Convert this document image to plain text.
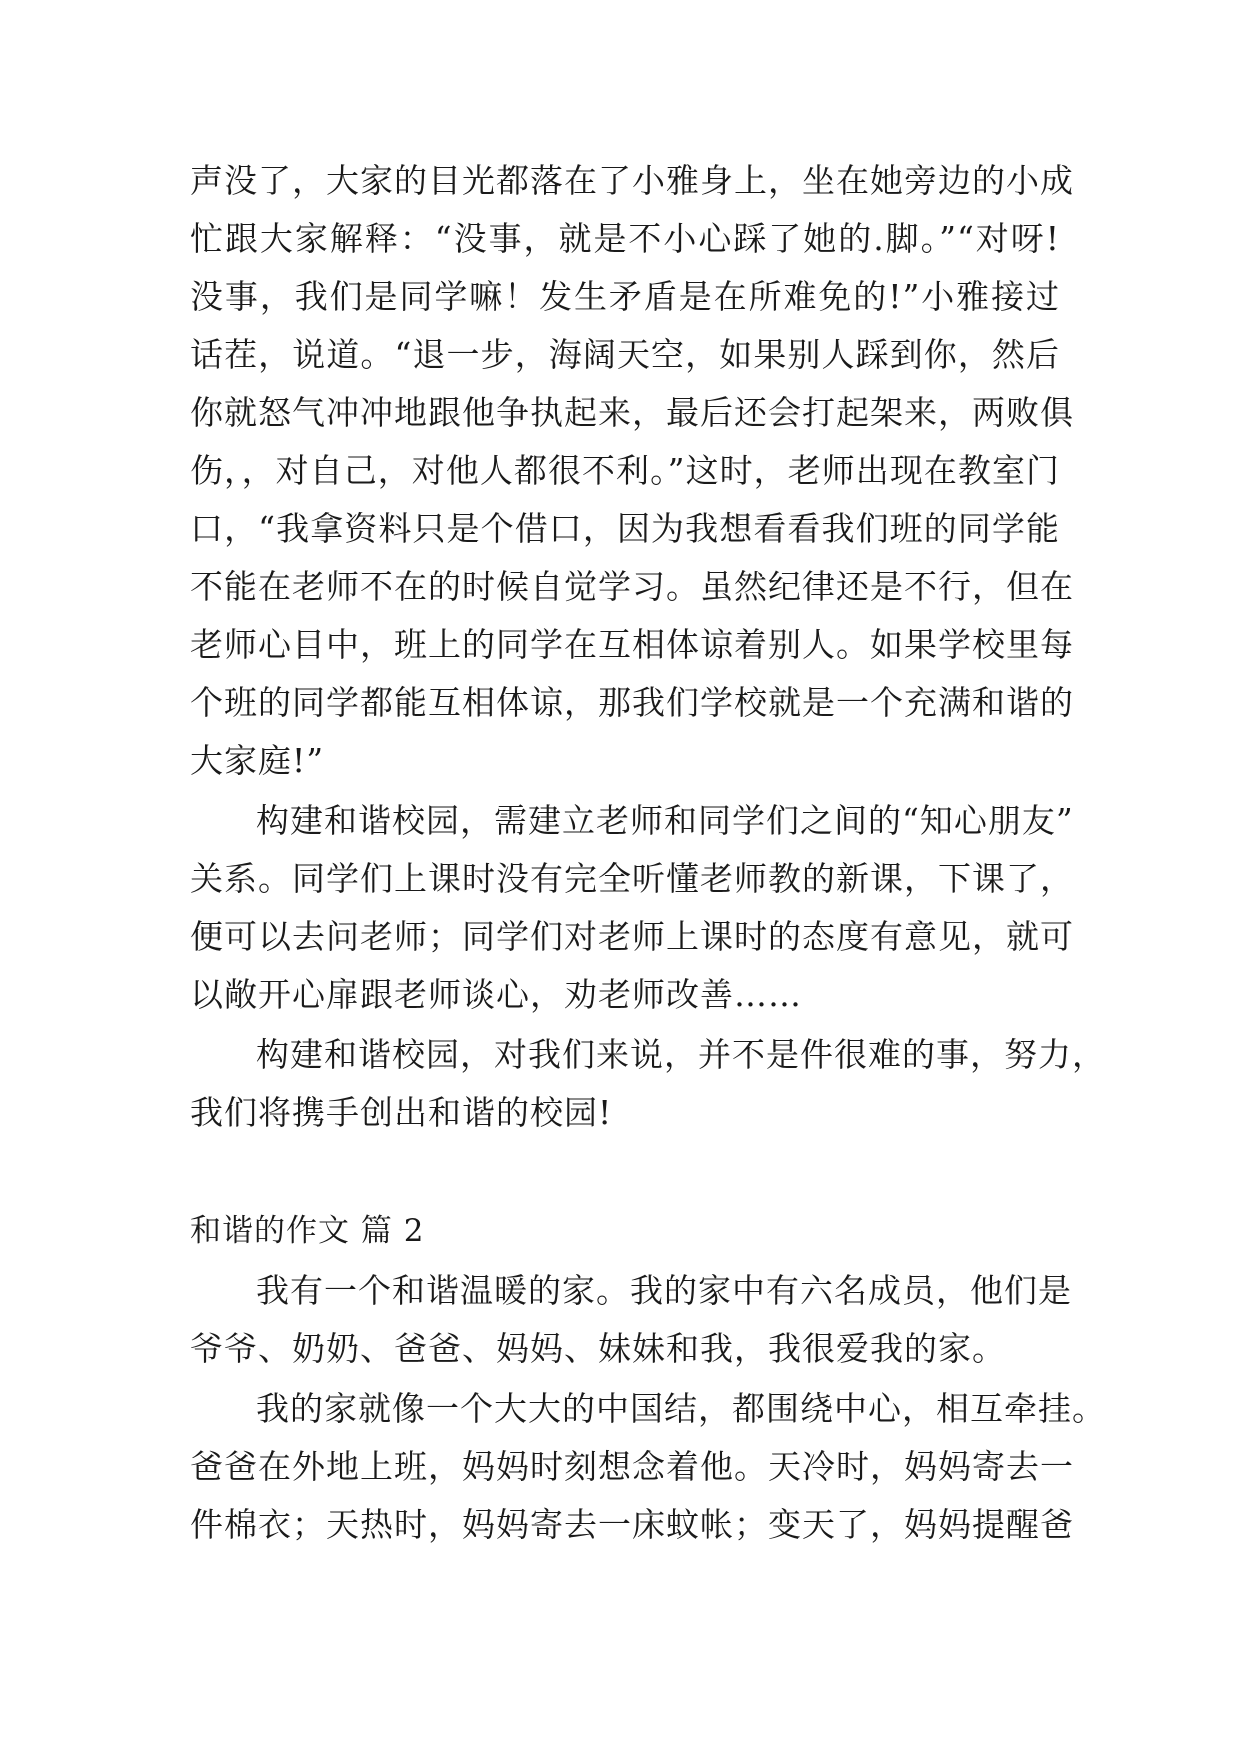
声没了，大家的目光都落在了小雅身上，坐在她旁边的小成
忙跟大家解释：“没事，就是不小心踩了她的.脚。”“对呀!
没事，我们是同学嘛！发生矛盾是在所难免的!”小雅接过
话茬，说道。“退一步，海阔天空，如果别人踩到你，然后
你就怒气冲冲地跟他争执起来，最后还会打起架来，两败俱
伤，，对自己，对他人都很不利。”这时，老师出现在教室门
口，“我拿资料只是个借口，因为我想看看我们班的同学能
不能在老师不在的时候自觉学习。虽然纪律还是不行，但在
老师心目中，班上的同学在互相体谅着别人。如果学校里每
个班的同学都能互相体谅，那我们学校就是一个充满和谐的
大家庭!”
构建和谐校园，需建立老师和同学们之间的“知心朋友”
关系。同学们上课时没有完全听懂老师教的新课，下课了，
便可以去问老师；同学们对老师上课时的态度有意见，就可
以敞开心扉跟老师谈心，劝老师改善……
构建和谐校园，对我们来说，并不是件很难的事，努力，
我们将携手创出和谐的校园!
和谐的作文 篇 2
我有一个和谐温暖的家。我的家中有六名成员，他们是
爷爷、奶奶、爸爸、妈妈、妹妹和我，我很爱我的家。
我的家就像一个大大的中国结，都围绕中心，相互牵挂。
爸爸在外地上班，妈妈时刻想念着他。天冷时，妈妈寄去一
件棉衣；天热时，妈妈寄去一床蚊帐；变天了，妈妈提醒爸
